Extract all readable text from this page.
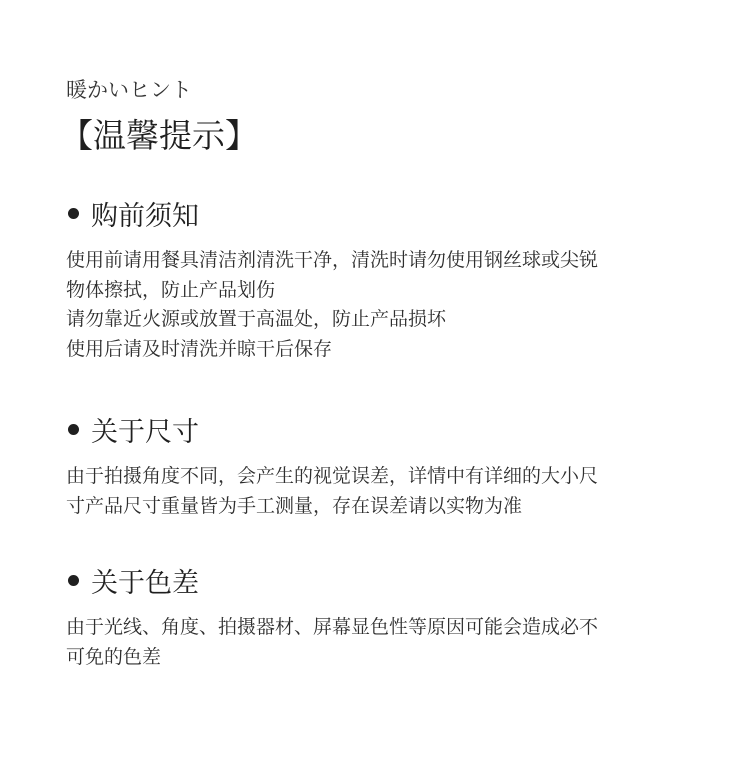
暖かいヒント
【温馨提示】
购前须知
使用前请用餐具清洁剂清洗干净，清洗时请勿使用钢丝球或尖锐
物体擦拭，防止产品划伤
请勿靠近火源或放置于高温处，防止产品损坏
使用后请及时清洗并晾干后保存
关于尺寸
由于拍摄角度不同，会产生的视觉误差，详情中有详细的大小尺
寸产品尺寸重量皆为手工测量，存在误差请以实物为准
关于色差
由于光线、角度、拍摄器材、屏幕显色性等原因可能会造成必不
可免的色差
